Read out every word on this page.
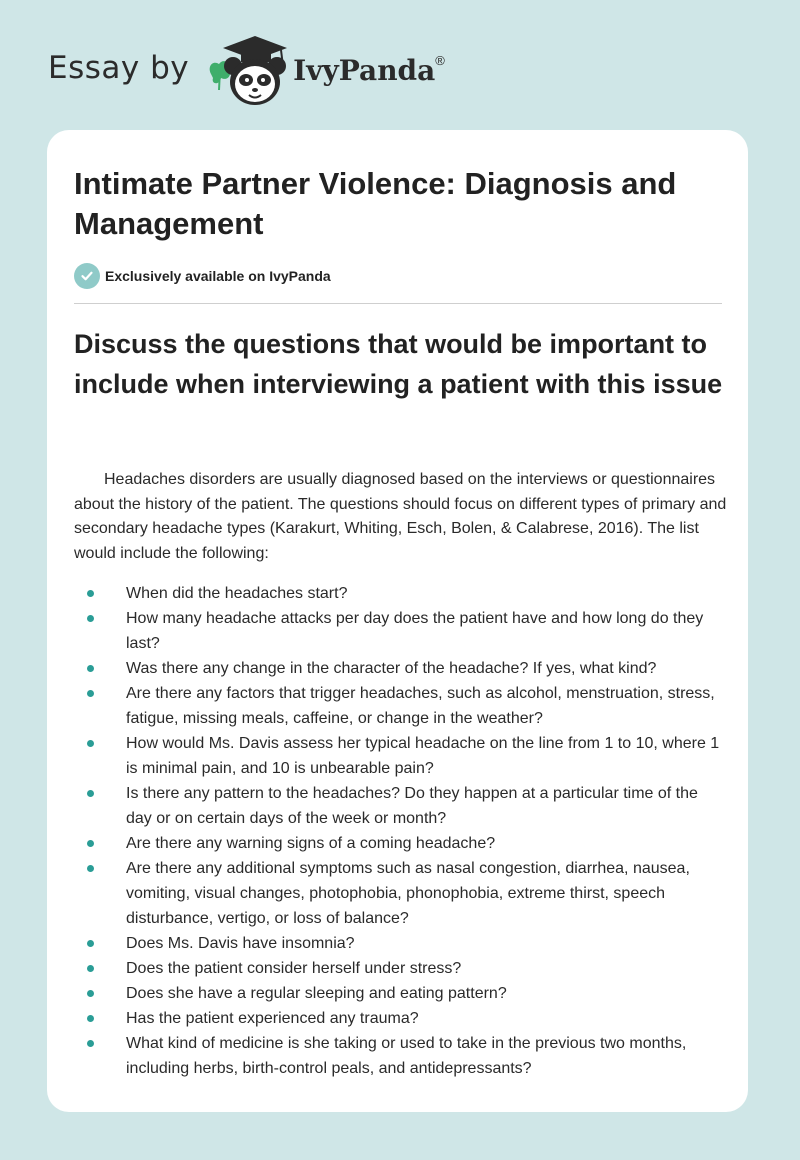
Essay by	IvyPanda®
Intimate Partner Violence: Diagnosis and Management
Exclusively available on IvyPanda
Discuss the questions that would be important to include when interviewing a patient with this issue

Headaches disorders are usually diagnosed based on the interviews or questionnaires about the history of the patient. The questions should focus on different types of primary and secondary headache types (Karakurt, Whiting, Esch, Bolen, & Calabrese, 2016). The list would include the following:

When did the headaches start?
How many headache attacks per day does the patient have and how long do they last?
Was there any change in the character of the headache? If yes, what kind?
Are there any factors that trigger headaches, such as alcohol, menstruation, stress, fatigue, missing meals, caffeine, or change in the weather?
How would Ms. Davis assess her typical headache on the line from 1 to 10, where 1 is minimal pain, and 10 is unbearable pain?
Is there any pattern to the headaches? Do they happen at a particular time of the day or on certain days of the week or month?
Are there any warning signs of a coming headache?
Are there any additional symptoms such as nasal congestion, diarrhea, nausea, vomiting, visual changes, photophobia, phonophobia, extreme thirst, speech disturbance, vertigo, or loss of balance?
Does Ms. Davis have insomnia?
Does the patient consider herself under stress?
Does she have a regular sleeping and eating pattern?
Has the patient experienced any trauma?
What kind of medicine is she taking or used to take in the previous two months, including herbs, birth-control peals, and antidepressants?
